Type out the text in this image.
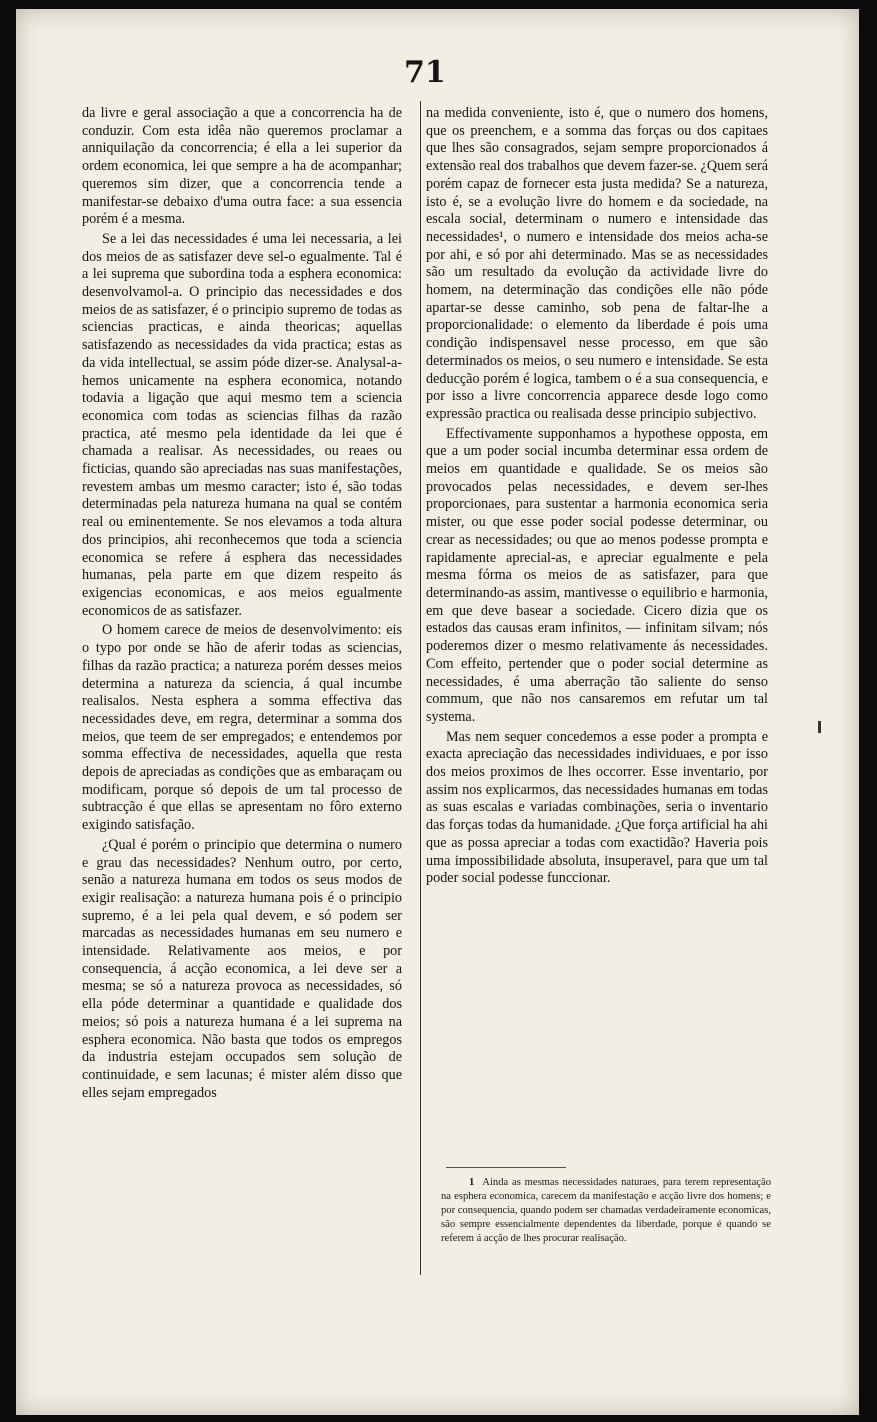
71

da livre e geral associação a que a concorrencia ha de conduzir. Com esta idêa não queremos proclamar a anniquilação da concorrencia; é ella a lei superior da ordem economica, lei que sempre a ha de acompanhar; queremos sim dizer, que a concorrencia tende a manifestar-se debaixo d'uma outra face: a sua essencia porém é a mesma.

Se a lei das necessidades é uma lei necessaria, a lei dos meios de as satisfazer deve sel-o egualmente. Tal é a lei suprema que subordina toda a esphera economica: desenvolvamol-a. O principio das necessidades e dos meios de as satisfazer, é o principio supremo de todas as sciencias practicas, e ainda theoricas; aquellas satisfazendo as necessidades da vida practica; estas as da vida intellectual, se assim póde dizer-se. Analysal-a-hemos unicamente na esphera economica, notando todavia a ligação que aqui mesmo tem a sciencia economica com todas as sciencias filhas da razão practica, até mesmo pela identidade da lei que é chamada a realisar. As necessidades, ou reaes ou ficticias, quando são apreciadas nas suas manifestações, revestem ambas um mesmo caracter; isto é, são todas determinadas pela natureza humana na qual se contém real ou eminentemente. Se nos elevamos a toda altura dos principios, ahi reconhecemos que toda a sciencia economica se refere á esphera das necessidades humanas, pela parte em que dizem respeito ás exigencias economicas, e aos meios egualmente economicos de as satisfazer.

O homem carece de meios de desenvolvimento: eis o typo por onde se hão de aferir todas as sciencias, filhas da razão practica; a natureza porém desses meios determina a natureza da sciencia, á qual incumbe realisalos. Nesta esphera a somma effectiva das necessidades deve, em regra, determinar a somma dos meios, que teem de ser empregados; e entendemos por somma effectiva de necessidades, aquella que resta depois de apreciadas as condições que as embaraçam ou modificam, porque só depois de um tal processo de subtracção é que ellas se apresentam no fôro externo exigindo satisfação.

¿Qual é porém o principio que determina o numero e grau das necessidades? Nenhum outro, por certo, senão a natureza humana em todos os seus modos de exigir realisação: a natureza humana pois é o principio supremo, é a lei pela qual devem, e só podem ser marcadas as necessidades humanas em seu numero e intensidade. Relativamente aos meios, e por consequencia, á acção economica, a lei deve ser a mesma; se só a natureza provoca as necessidades, só ella póde determinar a quantidade e qualidade dos meios; só pois a natureza humana é a lei suprema na esphera economica. Não basta que todos os empregos da industria estejam occupados sem solução de continuidade, e sem lacunas; é mister além disso que elles sejam empregados

na medida conveniente, isto é, que o numero dos homens, que os preenchem, e a somma das forças ou dos capitaes que lhes são consagrados, sejam sempre proporcionados á extensão real dos trabalhos que devem fazer-se. ¿Quem será porém capaz de fornecer esta justa medida? Se a natureza, isto é, se a evolução livre do homem e da sociedade, na escala social, determinam o numero e intensidade das necessidades¹, o numero e intensidade dos meios acha-se por ahi, e só por ahi determinado. Mas se as necessidades são um resultado da evolução da actividade livre do homem, na determinação das condições elle não póde apartar-se desse caminho, sob pena de faltar-lhe a proporcionalidade: o elemento da liberdade é pois uma condição indispensavel nesse processo, em que são determinados os meios, o seu numero e intensidade. Se esta deducção porém é logica, tambem o é a sua consequencia, e por isso a livre concorrencia apparece desde logo como expressão practica ou realisada desse principio subjectivo.

Effectivamente supponhamos a hypothese opposta, em que a um poder social incumba determinar essa ordem de meios em quantidade e qualidade. Se os meios são provocados pelas necessidades, e devem ser-lhes proporcionaes, para sustentar a harmonia economica seria mister, ou que esse poder social podesse determinar, ou crear as necessidades; ou que ao menos podesse prompta e rapidamente aprecial-as, e apreciar egualmente e pela mesma fórma os meios de as satisfazer, para que determinando-as assim, mantivesse o equilibrio e harmonia, em que deve basear a sociedade. Cicero dizia que os estados das causas eram infinitos, — infinitam silvam; nós poderemos dizer o mesmo relativamente ás necessidades. Com effeito, pertender que o poder social determine as necessidades, é uma aberração tão saliente do senso commum, que não nos cansaremos em refutar um tal systema.

Mas nem sequer concedemos a esse poder a prompta e exacta apreciação das necessidades individuaes, e por isso dos meios proximos de lhes occorrer. Esse inventario, por assim nos explicarmos, das necessidades humanas em todas as suas escalas e variadas combinações, seria o inventario das forças todas da humanidade. ¿Que força artificial ha ahi que as possa apreciar a todas com exactidão? Haveria pois uma impossibilidade absoluta, insuperavel, para que um tal poder social podesse funccionar.

1 Ainda as mesmas necessidades naturaes, para terem representação na esphera economica, carecem da manifestação e acção livre dos homens; e por consequencia, quando podem ser chamadas verdadeiramente economicas, são sempre essencialmente dependentes da liberdade, porque é quando se referem á acção de lhes procurar realisação.
